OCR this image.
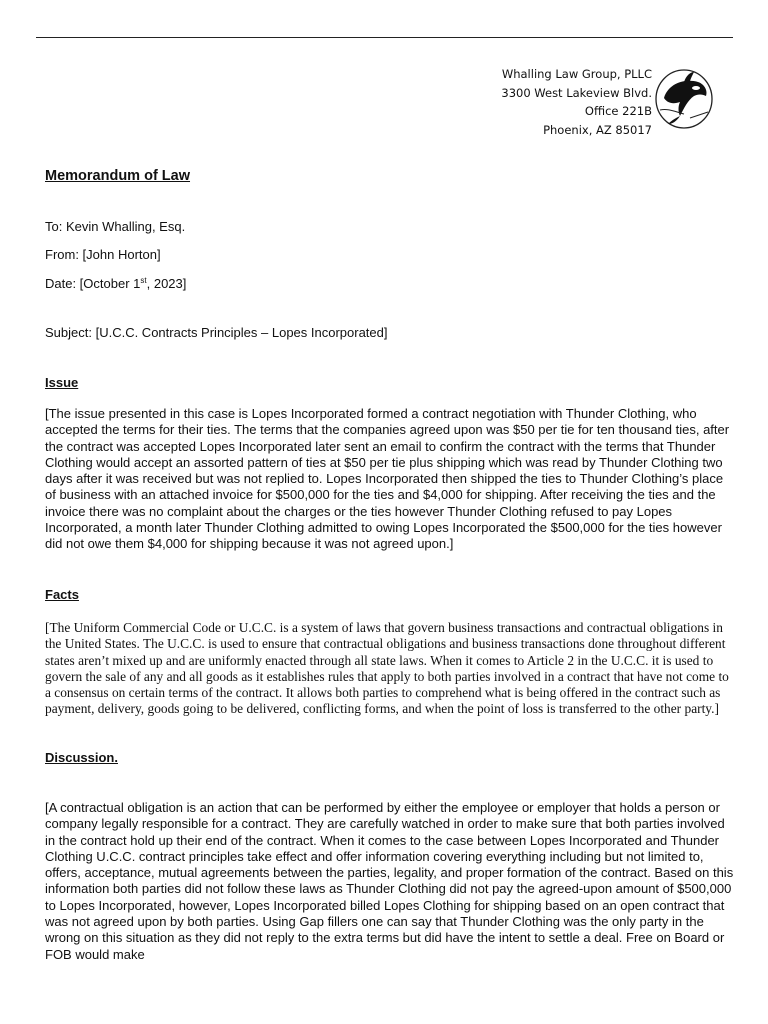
Whalling Law Group, PLLC
3300 West Lakeview Blvd.
Office 221B
Phoenix, AZ 85017
Memorandum of Law
To: Kevin Whalling, Esq.
From: [John Horton]
Date: [October 1st, 2023]
Subject: [U.C.C. Contracts Principles – Lopes Incorporated]
Issue
[The issue presented in this case is Lopes Incorporated formed a contract negotiation with Thunder Clothing, who accepted the terms for their ties. The terms that the companies agreed upon was $50 per tie for ten thousand ties, after the contract was accepted Lopes Incorporated later sent an email to confirm the contract with the terms that Thunder Clothing would accept an assorted pattern of ties at $50 per tie plus shipping which was read by Thunder Clothing two days after it was received but was not replied to. Lopes Incorporated then shipped the ties to Thunder Clothing’s place of business with an attached invoice for $500,000 for the ties and $4,000 for shipping. After receiving the ties and the invoice there was no complaint about the charges or the ties however Thunder Clothing refused to pay Lopes Incorporated, a month later Thunder Clothing admitted to owing Lopes Incorporated the $500,000 for the ties however did not owe them $4,000 for shipping because it was not agreed upon.]
Facts
[The Uniform Commercial Code or U.C.C. is a system of laws that govern business transactions and contractual obligations in the United States. The U.C.C. is used to ensure that contractual obligations and business transactions done throughout different states aren’t mixed up and are uniformly enacted through all state laws. When it comes to Article 2 in the U.C.C. it is used to govern the sale of any and all goods as it establishes rules that apply to both parties involved in a contract that have not come to a consensus on certain terms of the contract. It allows both parties to comprehend what is being offered in the contract such as payment, delivery, goods going to be delivered, conflicting forms, and when the point of loss is transferred to the other party.]
Discussion.
[A contractual obligation is an action that can be performed by either the employee or employer that holds a person or company legally responsible for a contract. They are carefully watched in order to make sure that both parties involved in the contract hold up their end of the contract. When it comes to the case between Lopes Incorporated and Thunder Clothing U.C.C. contract principles take effect and offer information covering everything including but not limited to, offers, acceptance, mutual agreements between the parties, legality, and proper formation of the contract. Based on this information both parties did not follow these laws as Thunder Clothing did not pay the agreed-upon amount of $500,000 to Lopes Incorporated, however, Lopes Incorporated billed Lopes Clothing for shipping based on an open contract that was not agreed upon by both parties. Using Gap fillers one can say that Thunder Clothing was the only party in the wrong on this situation as they did not reply to the extra terms but did have the intent to settle a deal. Free on Board or FOB would make
